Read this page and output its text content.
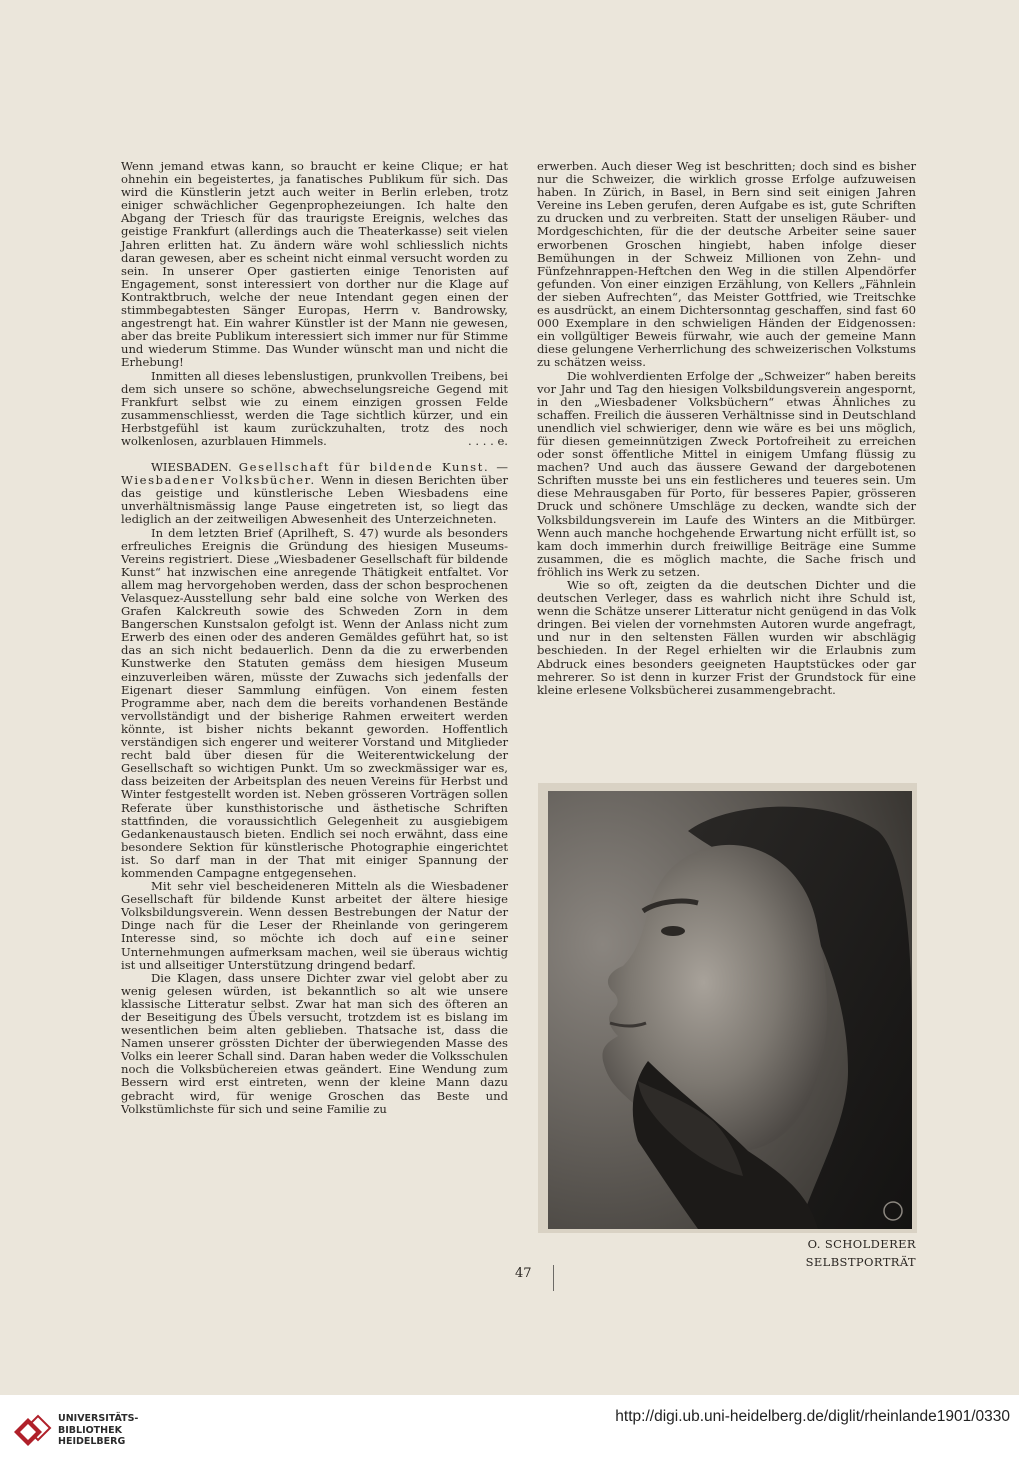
Wenn jemand etwas kann, so braucht er keine Clique; er hat ohnehin ein begeistertes, ja fanatisches Publikum für sich. Das wird die Künstlerin jetzt auch weiter in Berlin erleben, trotz einiger schwächlicher Gegenprophezeiungen. Ich halte den Abgang der Triesch für das traurigste Ereignis, welches das geistige Frankfurt (allerdings auch die Theaterkasse) seit vielen Jahren erlitten hat. Zu ändern wäre wohl schliesslich nichts daran gewesen, aber es scheint nicht einmal versucht worden zu sein. In unserer Oper gastierten einige Tenoristen auf Engagement, sonst interessiert von dorther nur die Klage auf Kontraktbruch, welche der neue Intendant gegen einen der stimmbegabtesten Sänger Europas, Herrn v. Bandrowsky, angestrengt hat. Ein wahrer Künstler ist der Mann nie gewesen, aber das breite Publikum interessiert sich immer nur für Stimme und wiederum Stimme. Das Wunder wünscht man und nicht die Erhebung!

Inmitten all dieses lebenslustigen, prunkvollen Treibens, bei dem sich unsere so schöne, abwechselungsreiche Gegend mit Frankfurt selbst wie zu einem einzigen grossen Felde zusammenschliesst, werden die Tage sichtlich kürzer, und ein Herbstgefühl ist kaum zurückzuhalten, trotz des noch wolkenlosen, azurblauen Himmels.	. . . . e.

WIESBADEN. Gesellschaft für bildende Kunst. — Wiesbadener Volksbücher. Wenn in diesen Berichten über das geistige und künstlerische Leben Wiesbadens eine unverhältnismässig lange Pause eingetreten ist, so liegt das lediglich an der zeitweiligen Abwesenheit des Unterzeichneten.

In dem letzten Brief (Aprilheft, S. 47) wurde als besonders erfreuliches Ereignis die Gründung des hiesigen Museums-Vereins registriert. Diese „Wiesbadener Gesellschaft für bildende Kunst“ hat inzwischen eine anregende Thätigkeit entfaltet. Vor allem mag hervorgehoben werden, dass der schon besprochenen Velasquez-Ausstellung sehr bald eine solche von Werken des Grafen Kalckreuth sowie des Schweden Zorn in dem Bangerschen Kunstsalon gefolgt ist. Wenn der Anlass nicht zum Erwerb des einen oder des anderen Gemäldes geführt hat, so ist das an sich nicht bedauerlich. Denn da die zu erwerbenden Kunstwerke den Statuten gemäss dem hiesigen Museum einzuverleiben wären, müsste der Zuwachs sich jedenfalls der Eigenart dieser Sammlung einfügen. Von einem festen Programme aber, nach dem die bereits vorhandenen Bestände vervollständigt und der bisherige Rahmen erweitert werden könnte, ist bisher nichts bekannt geworden. Hoffentlich verständigen sich engerer und weiterer Vorstand und Mitglieder recht bald über diesen für die Weiterentwickelung der Gesellschaft so wichtigen Punkt. Um so zweckmässiger war es, dass beizeiten der Arbeitsplan des neuen Vereins für Herbst und Winter festgestellt worden ist. Neben grösseren Vorträgen sollen Referate über kunsthistorische und ästhetische Schriften stattfinden, die voraussichtlich Gelegenheit zu ausgiebigem Gedankenaustausch bieten. Endlich sei noch erwähnt, dass eine besondere Sektion für künstlerische Photographie eingerichtet ist. So darf man in der That mit einiger Spannung der kommenden Campagne entgegensehen.

Mit sehr viel bescheideneren Mitteln als die Wiesbadener Gesellschaft für bildende Kunst arbeitet der ältere hiesige Volksbildungsverein. Wenn dessen Bestrebungen der Natur der Dinge nach für die Leser der Rheinlande von geringerem Interesse sind, so möchte ich doch auf eine seiner Unternehmungen aufmerksam machen, weil sie überaus wichtig ist und allseitiger Unterstützung dringend bedarf.

Die Klagen, dass unsere Dichter zwar viel gelobt aber zu wenig gelesen würden, ist bekanntlich so alt wie unsere klassische Litteratur selbst. Zwar hat man sich des öfteren an der Beseitigung des Übels versucht, trotzdem ist es bislang im wesentlichen beim alten geblieben. Thatsache ist, dass die Namen unserer grössten Dichter der überwiegenden Masse des Volks ein leerer Schall sind. Daran haben weder die Volksschulen noch die Volksbüchereien etwas geändert. Eine Wendung zum Bessern wird erst eintreten, wenn der kleine Mann dazu gebracht wird, für wenige Groschen das Beste und Volkstümlichste für sich und seine Familie zu

erwerben. Auch dieser Weg ist beschritten; doch sind es bisher nur die Schweizer, die wirklich grosse Erfolge aufzuweisen haben. In Zürich, in Basel, in Bern sind seit einigen Jahren Vereine ins Leben gerufen, deren Aufgabe es ist, gute Schriften zu drucken und zu verbreiten. Statt der unseligen Räuber- und Mordgeschichten, für die der deutsche Arbeiter seine sauer erworbenen Groschen hingiebt, haben infolge dieser Bemühungen in der Schweiz Millionen von Zehn- und Fünfzehnrappen-Heftchen den Weg in die stillen Alpendörfer gefunden. Von einer einzigen Erzählung, von Kellers „Fähnlein der sieben Aufrechten“, das Meister Gottfried, wie Treitschke es ausdrückt, an einem Dichtersonntag geschaffen, sind fast 60 000 Exemplare in den schwieligen Händen der Eidgenossen: ein vollgültiger Beweis fürwahr, wie auch der gemeine Mann diese gelungene Verherrlichung des schweizerischen Volkstums zu schätzen weiss.

Die wohlverdienten Erfolge der „Schweizer“ haben bereits vor Jahr und Tag den hiesigen Volksbildungsverein angespornt, in den „Wiesbadener Volksbüchern“ etwas Ähnliches zu schaffen. Freilich die äusseren Verhältnisse sind in Deutschland unendlich viel schwieriger, denn wie wäre es bei uns möglich, für diesen gemeinnützigen Zweck Portofreiheit zu erreichen oder sonst öffentliche Mittel in einigem Umfang flüssig zu machen? Und auch das äussere Gewand der dargebotenen Schriften musste bei uns ein festlicheres und teueres sein. Um diese Mehrausgaben für Porto, für besseres Papier, grösseren Druck und schönere Umschläge zu decken, wandte sich der Volksbildungsverein im Laufe des Winters an die Mitbürger. Wenn auch manche hochgehende Erwartung nicht erfüllt ist, so kam doch immerhin durch freiwillige Beiträge eine Summe zusammen, die es möglich machte, die Sache frisch und fröhlich ins Werk zu setzen.

Wie so oft, zeigten da die deutschen Dichter und die deutschen Verleger, dass es wahrlich nicht ihre Schuld ist, wenn die Schätze unserer Litteratur nicht genügend in das Volk dringen. Bei vielen der vornehmsten Autoren wurde angefragt, und nur in den seltensten Fällen wurden wir abschlägig beschieden. In der Regel erhielten wir die Erlaubnis zum Abdruck eines besonders geeigneten Hauptstückes oder gar mehrerer. So ist denn in kurzer Frist der Grundstock für eine kleine erlesene Volksbücherei zusammengebracht.

O. SCHOLDERER
SELBSTPORTRÄT
47
UNIVERSITÄTS-
BIBLIOTHEK
HEIDELBERG
http://digi.ub.uni-heidelberg.de/diglit/rheinlande1901/0330
